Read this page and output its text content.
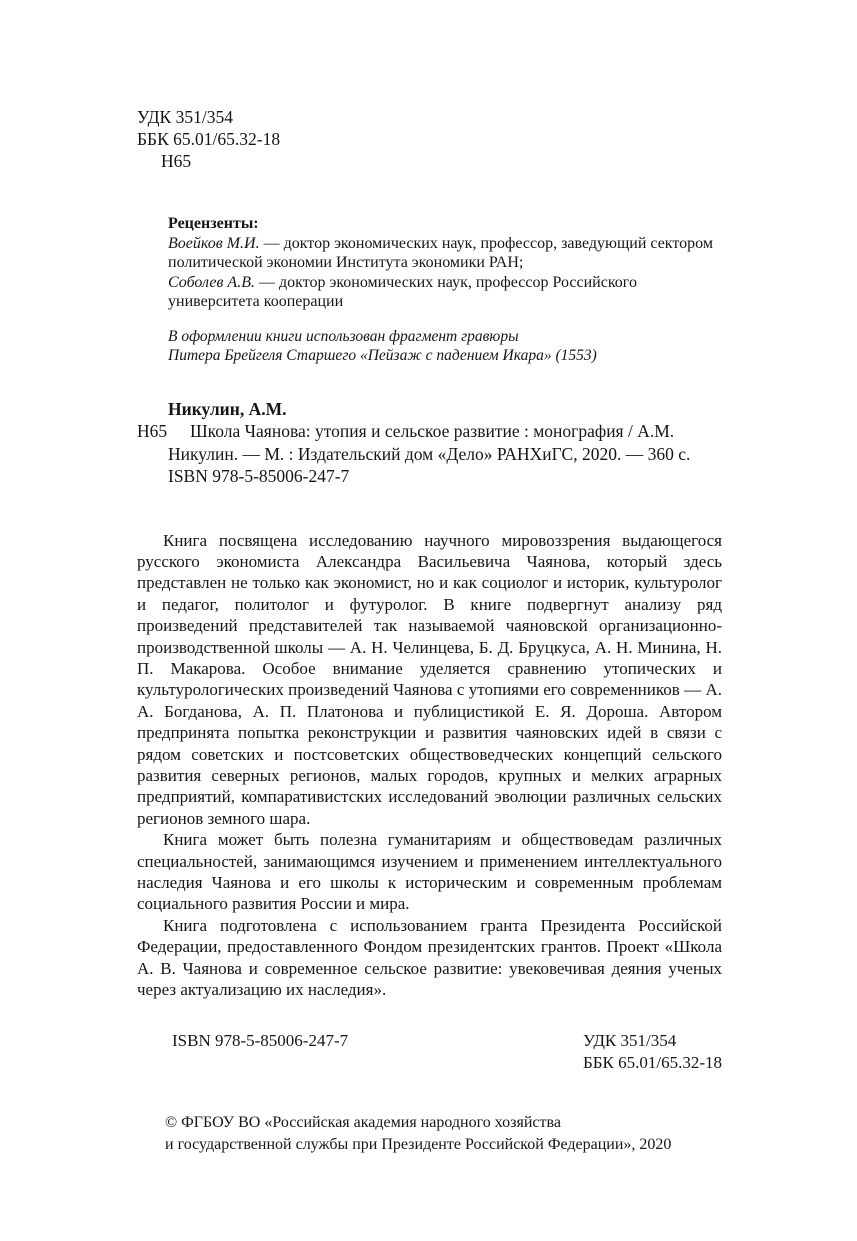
УДК 351/354
ББК 65.01/65.32-18
Н65

Рецензенты:

Воейков М.И. — доктор экономических наук, профессор, заведующий сектором политической экономии Института экономики РАН;

Соболев А.В. — доктор экономических наук, профессор Российского университета кооперации

В оформлении книги использован фрагмент гравюры

Питера Брейгеля Старшего «Пейзаж с падением Икара» (1553)

Никулин, А.М.

Н65	Школа Чаянова: утопия и сельское развитие : монография / А.М. Никулин. — М. : Издательский дом «Дело» РАНХиГС, 2020. — 360 с.

ISBN 978-5-85006-247-7

Книга посвящена исследованию научного мировоззрения выдающегося русского экономиста Александра Васильевича Чаянова, который здесь представлен не только как экономист, но и как социолог и историк, культуролог и педагог, политолог и футуролог. В книге подвергнут анализу ряд произведений представителей так называемой чаяновской организационно-производственной школы — А. Н. Челинцева, Б. Д. Бруцкуса, А. Н. Минина, Н. П. Макарова. Особое внимание уделяется сравнению утопических и культурологических произведений Чаянова с утопиями его современников — А. А. Богданова, А. П. Платонова и публицистикой Е. Я. Дороша. Автором предпринята попытка реконструкции и развития чаяновских идей в связи с рядом советских и постсоветских обществоведческих концепций сельского развития северных регионов, малых городов, крупных и мелких аграрных предприятий, компаративистских исследований эволюции различных сельских регионов земного шара.

Книга может быть полезна гуманитариям и обществоведам различных специальностей, занимающимся изучением и применением интеллектуального наследия Чаянова и его школы к историческим и современным проблемам социального развития России и мира.

Книга подготовлена с использованием гранта Президента Российской Федерации, предоставленного Фондом президентских грантов. Проект «Школа А. В. Чаянова и современное сельское развитие: увековечивая деяния ученых через актуализацию их наследия».

ISBN 978-5-85006-247-7	УДК 351/354
ББК 65.01/65.32-18

© ФГБОУ ВО «Российская академия народного хозяйства

и государственной службы при Президенте Российской Федерации», 2020
